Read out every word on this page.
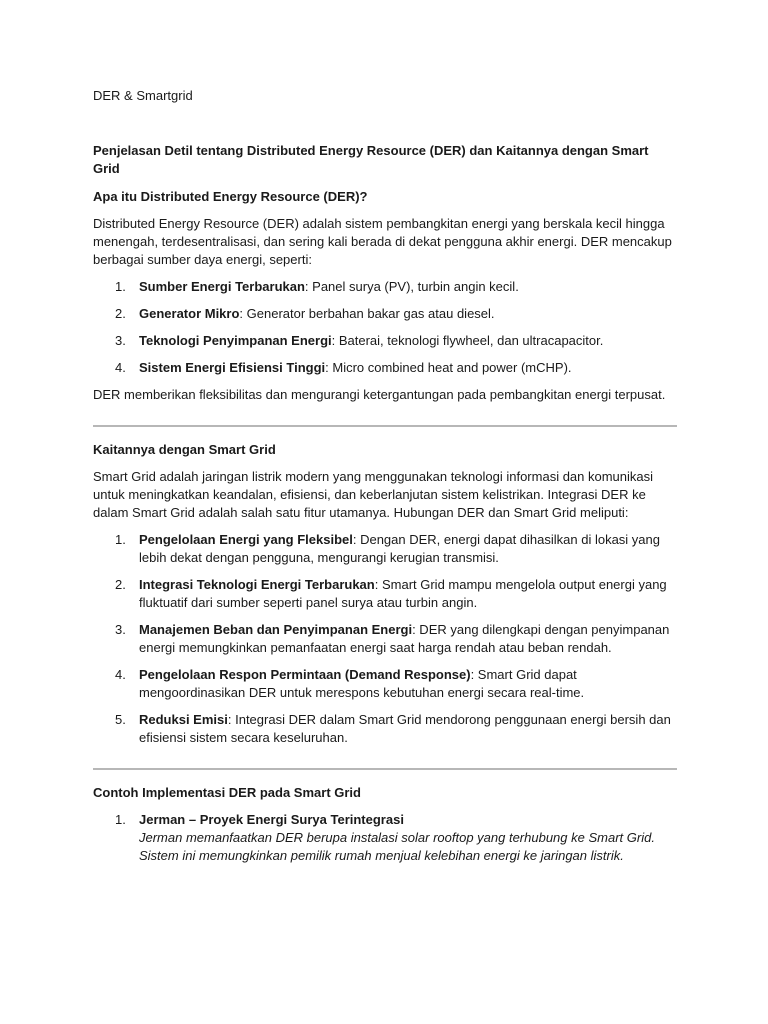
DER & Smartgrid

Penjelasan Detil tentang Distributed Energy Resource (DER) dan Kaitannya dengan Smart Grid

Apa itu Distributed Energy Resource (DER)?

Distributed Energy Resource (DER) adalah sistem pembangkitan energi yang berskala kecil hingga menengah, terdesentralisasi, dan sering kali berada di dekat pengguna akhir energi. DER mencakup berbagai sumber daya energi, seperti:

1. Sumber Energi Terbarukan: Panel surya (PV), turbin angin kecil.
2. Generator Mikro: Generator berbahan bakar gas atau diesel.
3. Teknologi Penyimpanan Energi: Baterai, teknologi flywheel, dan ultracapacitor.
4. Sistem Energi Efisiensi Tinggi: Micro combined heat and power (mCHP).

DER memberikan fleksibilitas dan mengurangi ketergantungan pada pembangkitan energi terpusat.

Kaitannya dengan Smart Grid

Smart Grid adalah jaringan listrik modern yang menggunakan teknologi informasi dan komunikasi untuk meningkatkan keandalan, efisiensi, dan keberlanjutan sistem kelistrikan. Integrasi DER ke dalam Smart Grid adalah salah satu fitur utamanya. Hubungan DER dan Smart Grid meliputi:

1. Pengelolaan Energi yang Fleksibel: Dengan DER, energi dapat dihasilkan di lokasi yang lebih dekat dengan pengguna, mengurangi kerugian transmisi.
2. Integrasi Teknologi Energi Terbarukan: Smart Grid mampu mengelola output energi yang fluktuatif dari sumber seperti panel surya atau turbin angin.
3. Manajemen Beban dan Penyimpanan Energi: DER yang dilengkapi dengan penyimpanan energi memungkinkan pemanfaatan energi saat harga rendah atau beban rendah.
4. Pengelolaan Respon Permintaan (Demand Response): Smart Grid dapat mengoordinasikan DER untuk merespons kebutuhan energi secara real-time.
5. Reduksi Emisi: Integrasi DER dalam Smart Grid mendorong penggunaan energi bersih dan efisiensi sistem secara keseluruhan.

Contoh Implementasi DER pada Smart Grid

1. Jerman – Proyek Energi Surya Terintegrasi
Jerman memanfaatkan DER berupa instalasi solar rooftop yang terhubung ke Smart Grid. Sistem ini memungkinkan pemilik rumah menjual kelebihan energi ke jaringan listrik.
